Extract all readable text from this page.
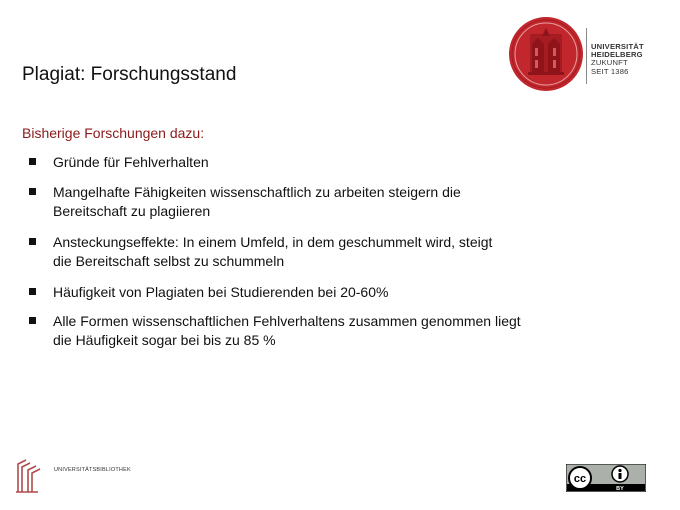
Plagiat: Forschungsstand
UNIVERSITÄT
HEIDELBERG
ZUKUNFT
SEIT 1386
Bisherige Forschungen dazu:
Gründe für Fehlverhalten
Mangelhafte Fähigkeiten wissenschaftlich zu arbeiten steigern die
Bereitschaft zu plagiieren
Ansteckungseffekte: In einem Umfeld, in dem geschummelt wird, steigt
die Bereitschaft selbst zu schummeln
Häufigkeit von Plagiaten bei Studierenden bei 20-60%
Alle Formen wissenschaftlichen Fehlverhaltens zusammen genommen liegt
die Häufigkeit sogar bei bis zu 85 %
UNIVERSITÄTSBIBLIOTHEK
cc
BY
